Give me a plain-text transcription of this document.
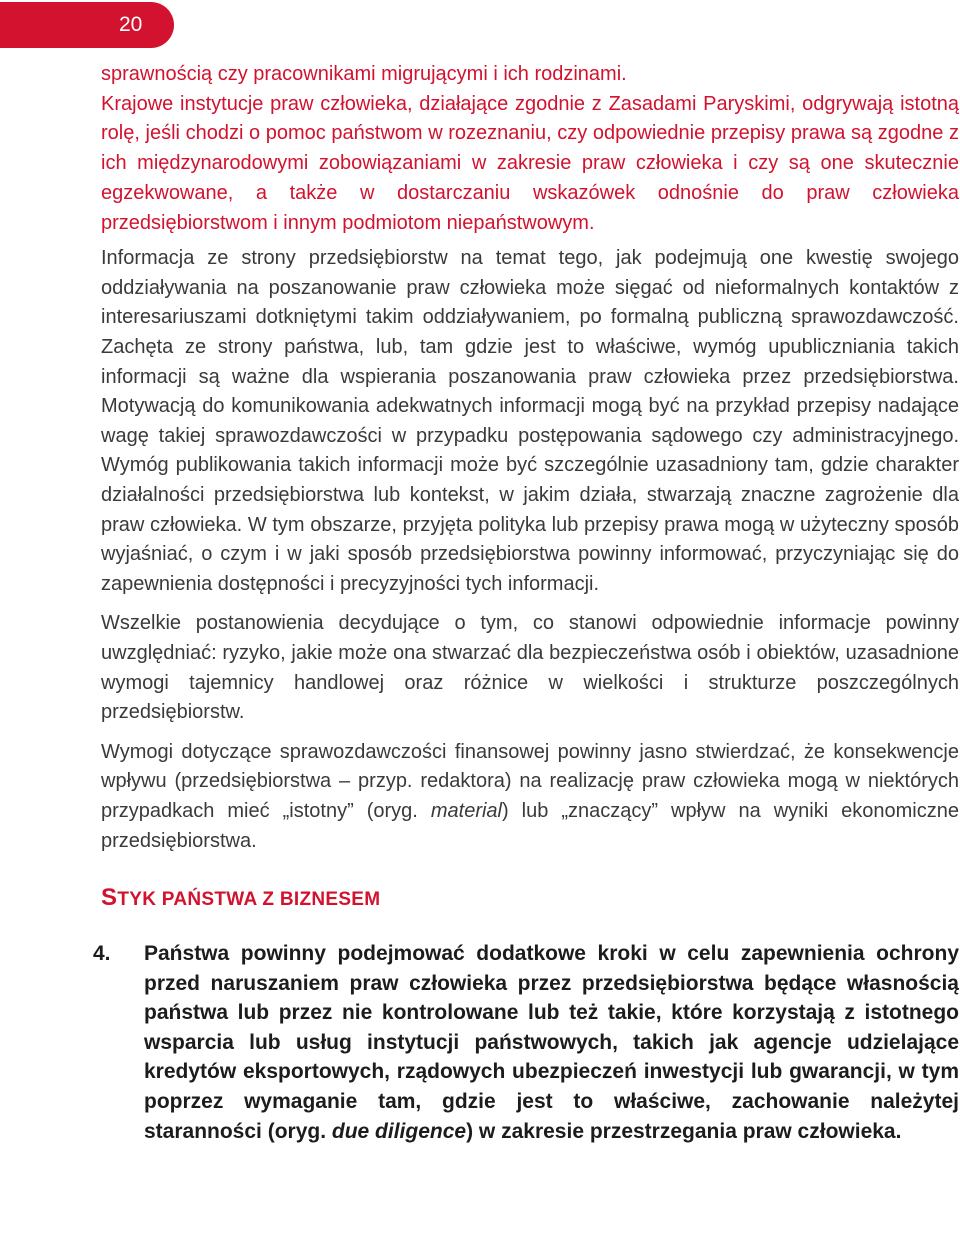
20

sprawnością czy pracownikami migrującymi i ich rodzinami.

Krajowe instytucje praw człowieka, działające zgodnie z Zasadami Paryskimi, odgrywają istotną rolę, jeśli chodzi o pomoc państwom w rozeznaniu, czy odpowiednie przepisy prawa są zgodne z ich międzynarodowymi zobowiązaniami w zakresie praw człowieka i czy są one skutecznie egzekwowane, a także w dostarczaniu wskazówek odnośnie do praw człowieka przedsiębiorstwom i innym podmiotom niepaństwowym.

Informacja ze strony przedsiębiorstw na temat tego, jak podejmują one kwestię swojego oddziaływania na poszanowanie praw człowieka może sięgać od nieformalnych kontaktów z interesariuszami dotkniętymi takim oddziaływaniem, po formalną publiczną sprawozdawczość. Zachęta ze strony państwa, lub, tam gdzie jest to właściwe, wymóg upubliczniania takich informacji są ważne dla wspierania poszanowania praw człowieka przez przedsiębiorstwa. Motywacją do komunikowania adekwatnych informacji mogą być na przykład przepisy nadające wagę takiej sprawozdawczości w przypadku postępowania sądowego czy administracyjnego. Wymóg publikowania takich informacji może być szczególnie uzasadniony tam, gdzie charakter działalności przedsiębiorstwa lub kontekst, w jakim działa, stwarzają znaczne zagrożenie dla praw człowieka. W tym obszarze, przyjęta polityka lub przepisy prawa mogą w użyteczny sposób wyjaśniać, o czym i w jaki sposób przedsiębiorstwa powinny informować, przyczyniając się do zapewnienia dostępności i precyzyjności tych informacji.

Wszelkie postanowienia decydujące o tym, co stanowi odpowiednie informacje powinny uwzględniać: ryzyko, jakie może ona stwarzać dla bezpieczeństwa osób i obiektów, uzasadnione wymogi tajemnicy handlowej oraz różnice w wielkości i strukturze poszczególnych przedsiębiorstw.

Wymogi dotyczące sprawozdawczości finansowej powinny jasno stwierdzać, że konsekwencje wpływu (przedsiębiorstwa – przyp. redaktora) na realizację praw człowieka mogą w niektórych przypadkach mieć „istotny” (oryg. material) lub „znaczący” wpływ na wyniki ekonomiczne przedsiębiorstwa.

STYK PAŃSTWA Z BIZNESEM
4. Państwa powinny podejmować dodatkowe kroki w celu zapewnienia ochrony przed naruszaniem praw człowieka przez przedsiębiorstwa będące własnością państwa lub przez nie kontrolowane lub też takie, które korzystają z istotnego wsparcia lub usług instytucji państwowych, takich jak agencje udzielające kredytów eksportowych, rządowych ubezpieczeń inwestycji lub gwarancji, w tym poprzez wymaganie tam, gdzie jest to właściwe, zachowanie należytej staranności (oryg. due diligence) w zakresie przestrzegania praw człowieka.
